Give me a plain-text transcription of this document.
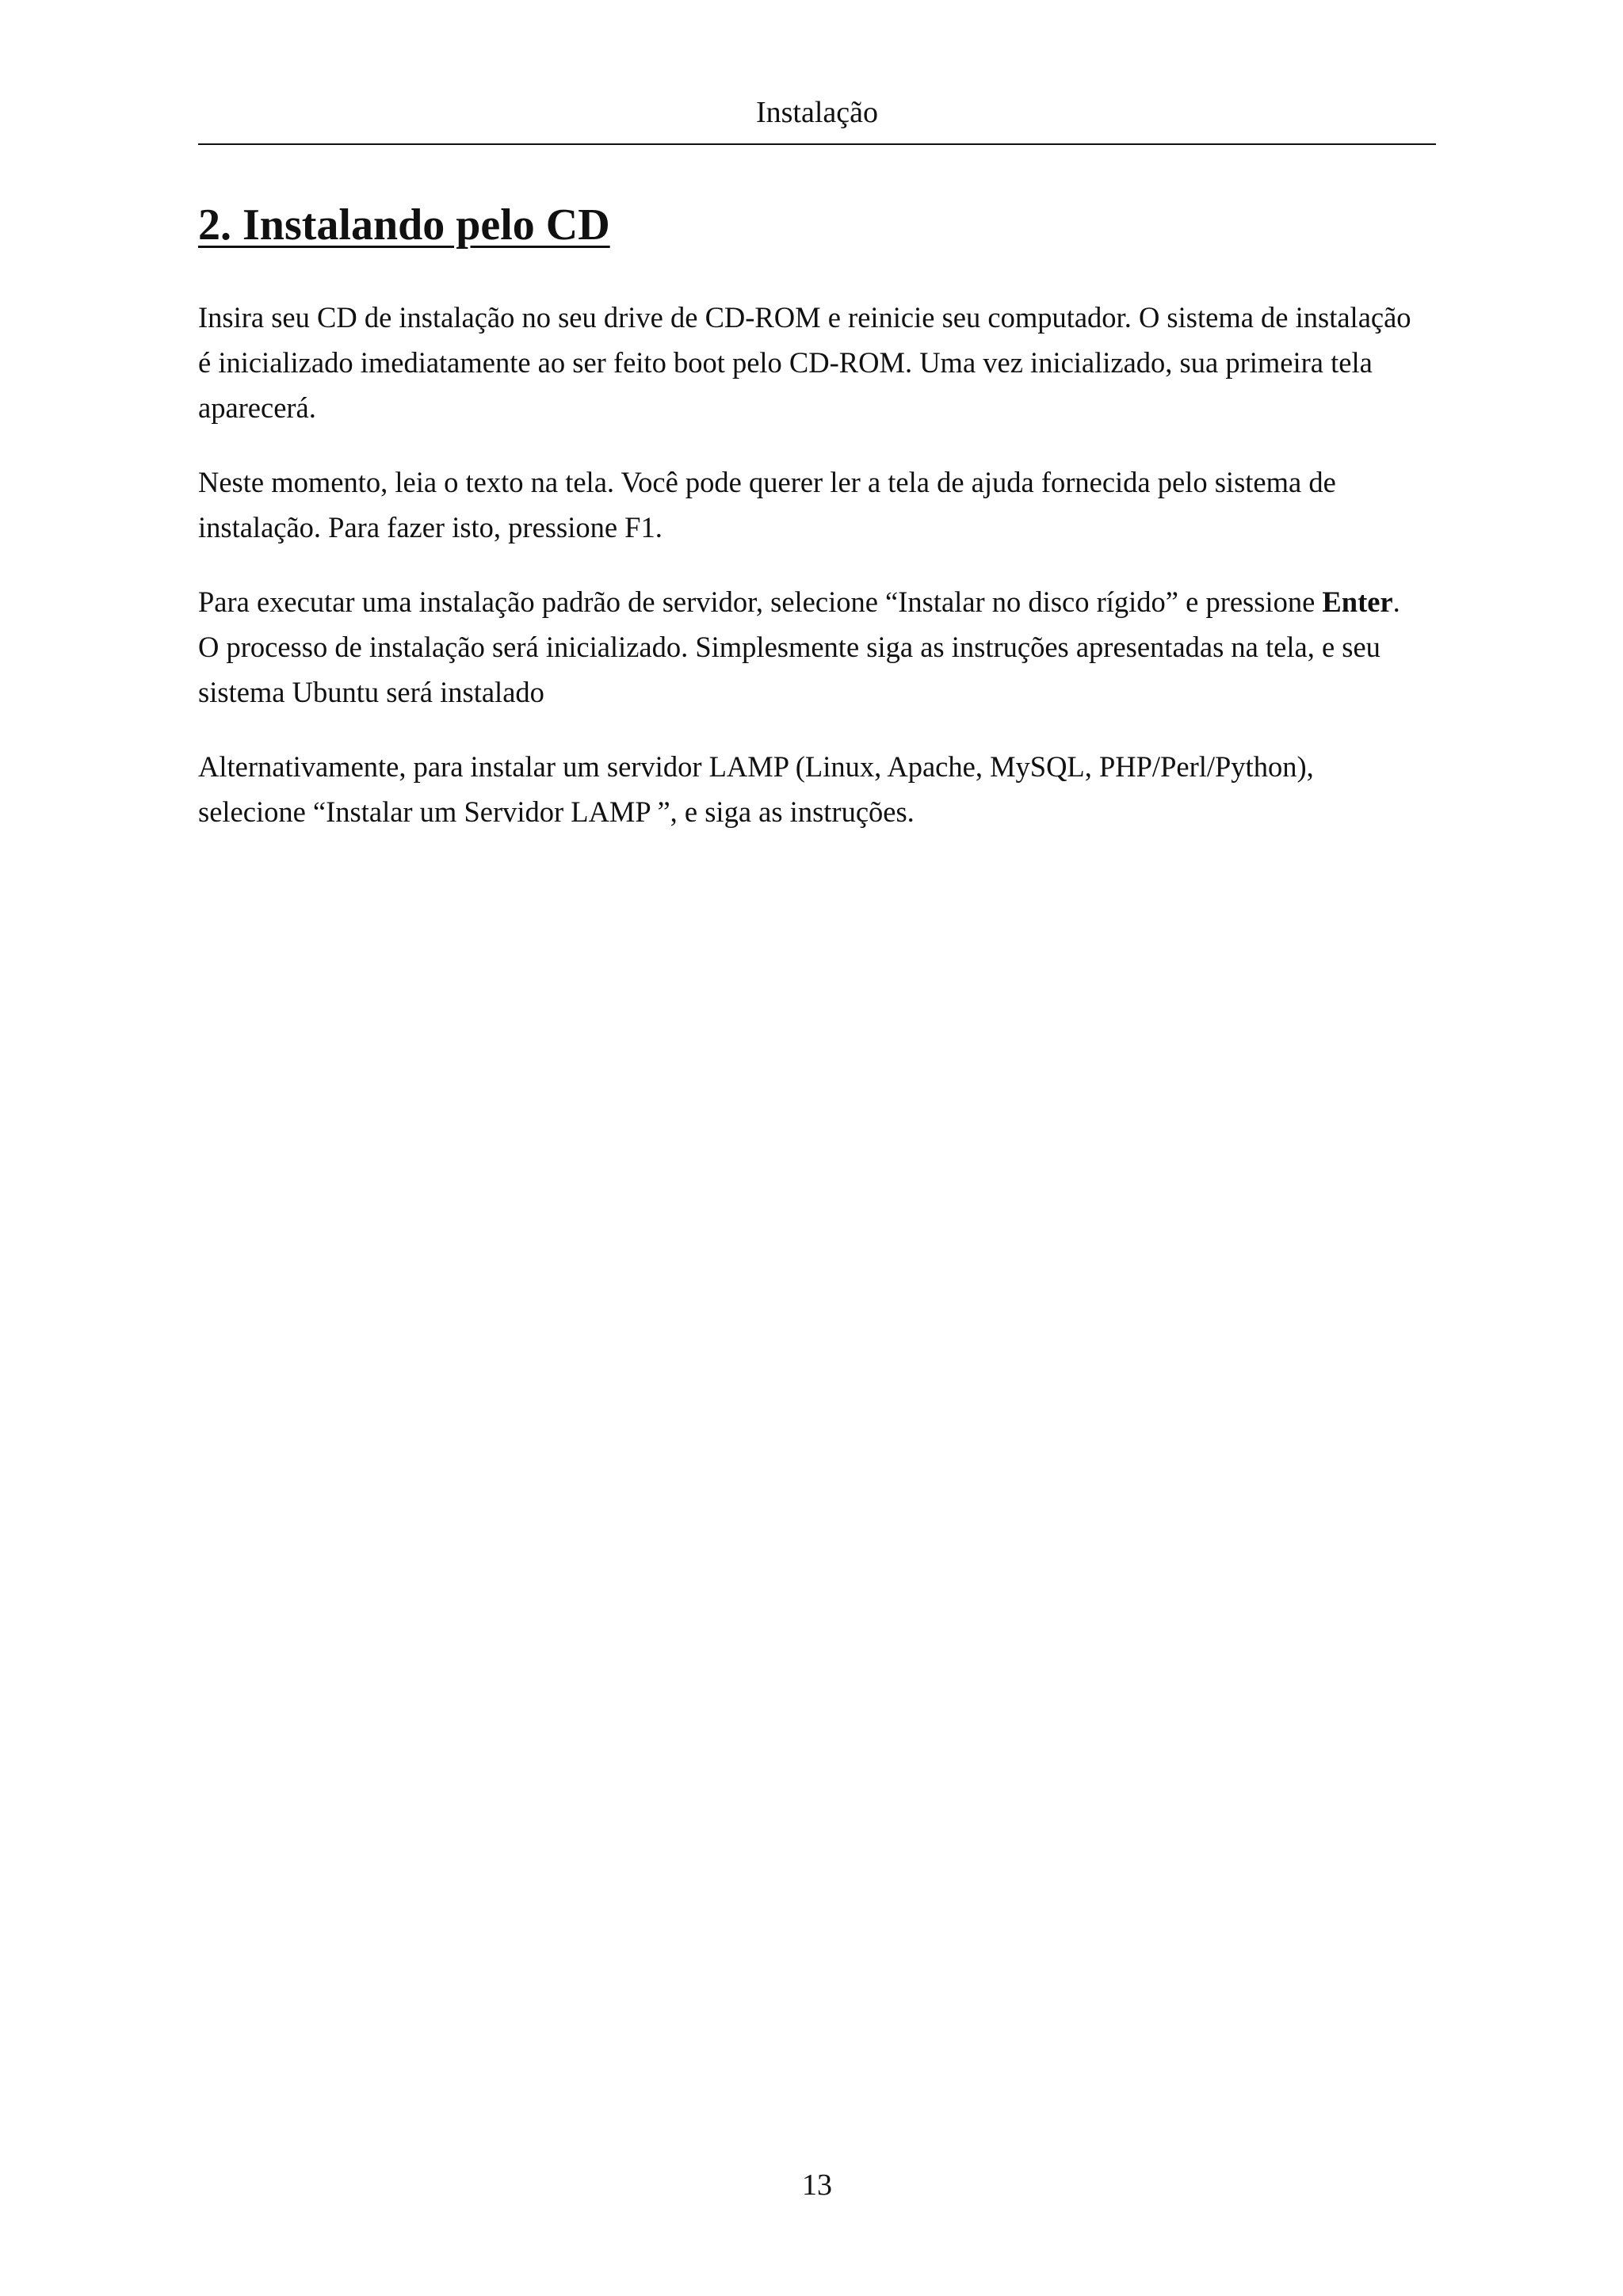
Instalação
2. Instalando pelo CD

Insira seu CD de instalação no seu drive de CD-ROM e reinicie seu computador. O sistema de instalação é inicializado imediatamente ao ser feito boot pelo CD-ROM. Uma vez inicializado, sua primeira tela aparecerá.

Neste momento, leia o texto na tela. Você pode querer ler a tela de ajuda fornecida pelo sistema de instalação. Para fazer isto, pressione F1.

Para executar uma instalação padrão de servidor, selecione “Instalar no disco rígido” e pressione Enter. O processo de instalação será inicializado. Simplesmente siga as instruções apresentadas na tela, e seu sistema Ubuntu será instalado

Alternativamente, para instalar um servidor LAMP (Linux, Apache, MySQL, PHP/Perl/Python), selecione “Instalar um Servidor LAMP ”, e siga as instruções.

13
